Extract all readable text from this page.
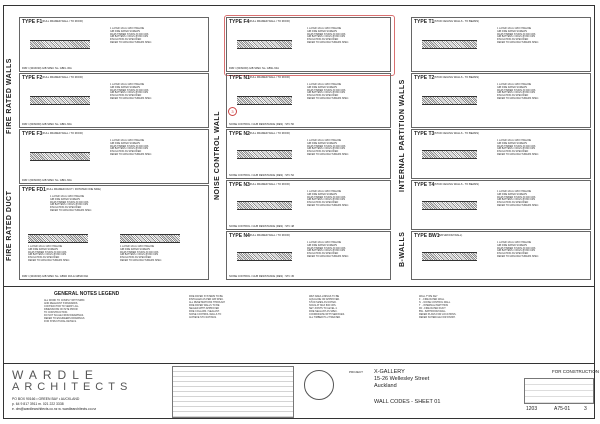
FIRE RATED WALLS
FIRE RATED DUCT
NOISE CONTROL WALL	INTERNAL PARTITION WALLS
B-WALLS
TYPE F1 (FULL FRAMED WALL / TO ROOF)
1 LAYER 13mm GIB FYRELINE
GIB FIRE RATED SCREWS
90x45 TIMBER STUDS @ 600 CRS
GIB BATTENS / NOGS @ 800 CRS
INSULATION AS SPECIFIED
REFER TO MANUFACTURERS SPEC.
FRR / (30/30/30) GIB SPEC No. GBFL 30A
TYPE F2 (FULL FRAMED WALL / TO ROOF)
1 LAYER 13mm GIB FYRELINE
GIB FIRE RATED SCREWS
90x45 TIMBER STUDS @ 600 CRS
GIB BATTENS / NOGS @ 800 CRS
INSULATION AS SPECIFIED
REFER TO MANUFACTURERS SPEC.
FRR / (60/60/60) GIB SPEC No. GBFL 60A
TYPE F3 (FULL FRAMED WALL / TO ROOF)
1 LAYER 13mm GIB FYRELINE
GIB FIRE RATED SCREWS
90x45 TIMBER STUDS @ 600 CRS
GIB BATTENS / NOGS @ 800 CRS
INSULATION AS SPECIFIED
REFER TO MANUFACTURERS SPEC.
FRR / (60/60/60) GIB SPEC No. GBFL 60A
TYPE FD1 (FULL FRAMED DUCT / ROTATED ONE SIDE)
1 LAYER 13mm GIB FYRELINE
GIB FIRE RATED SCREWS
90x45 TIMBER STUDS @ 600 CRS
GIB BATTENS / NOGS @ 800 CRS
INSULATION AS SPECIFIED
REFER TO MANUFACTURERS SPEC.
1 LAYER 13mm GIB FYRELINE
GIB FIRE RATED SCREWS
90x45 TIMBER STUDS @ 600 CRS
GIB BATTENS / NOGS @ 800 CRS
INSULATION AS SPECIFIED
REFER TO MANUFACTURERS SPEC.
1 LAYER 13mm GIB FYRELINE
GIB FIRE RATED SCREWS
90x45 TIMBER STUDS @ 600 CRS
GIB BATTENS / NOGS @ 800 CRS
INSULATION AS SPECIFIED
REFER TO MANUFACTURERS SPEC.
FRR / (30/30/30) GIB SPEC No. GBSD 30A & GBSD 60A
TYPE F4 (FULL FRAMED WALL / TO ROOF)
1 LAYER 13mm GIB FYRELINE
GIB FIRE RATED SCREWS
90x45 TIMBER STUDS @ 600 CRS
GIB BATTENS / NOGS @ 800 CRS
INSULATION AS SPECIFIED
REFER TO MANUFACTURERS SPEC.
FRR / (60/60/60) GIB SPEC No. GBSL 60A
3
TYPE N1 (FULL FRAMED WALL / TO ROOF)
1 LAYER 13mm GIB FYRELINE
GIB FIRE RATED SCREWS
90x45 TIMBER STUDS @ 600 CRS
GIB BATTENS / NOGS @ 800 CRS
INSULATION AS SPECIFIED
REFER TO MANUFACTURERS SPEC.
NOISE CONTROL / GUB RESISTANCE (RES) : STC 50
TYPE N2 (FULL FRAMED WALL / TO ROOF)
1 LAYER 13mm GIB FYRELINE
GIB FIRE RATED SCREWS
90x45 TIMBER STUDS @ 600 CRS
GIB BATTENS / NOGS @ 800 CRS
INSULATION AS SPECIFIED
REFER TO MANUFACTURERS SPEC.
NOISE CONTROL / GUB RESISTANCE (RES) : STC 52
TYPE N3 (FULL FRAMED WALL / TO ROOF)
1 LAYER 13mm GIB FYRELINE
GIB FIRE RATED SCREWS
90x45 TIMBER STUDS @ 600 CRS
GIB BATTENS / NOGS @ 800 CRS
INSULATION AS SPECIFIED
REFER TO MANUFACTURERS SPEC.
NOISE CONTROL / GUB RESISTANCE (RES) : STC 48
TYPE N4 (FULL FRAMED WALL / TO ROOF)
1 LAYER 13mm GIB FYRELINE
GIB FIRE RATED SCREWS
90x45 TIMBER STUDS @ 600 CRS
GIB BATTENS / NOGS @ 800 CRS
INSULATION AS SPECIFIED
REFER TO MANUFACTURERS SPEC.
NOISE CONTROL / GUB RESISTANCE (RES) : STC 45
TYPE T1 (STUD CEILING WALLS - TO BEAMS)
1 LAYER 13mm GIB FYRELINE
GIB FIRE RATED SCREWS
90x45 TIMBER STUDS @ 600 CRS
GIB BATTENS / NOGS @ 800 CRS
INSULATION AS SPECIFIED
REFER TO MANUFACTURERS SPEC.
TYPE T2 (STUD CEILING WALLS - TO BEAMS)
1 LAYER 13mm GIB FYRELINE
GIB FIRE RATED SCREWS
90x45 TIMBER STUDS @ 600 CRS
GIB BATTENS / NOGS @ 800 CRS
INSULATION AS SPECIFIED
REFER TO MANUFACTURERS SPEC.
TYPE T3 (STUD CEILING WALLS - TO BEAMS)
1 LAYER 13mm GIB FYRELINE
GIB FIRE RATED SCREWS
90x45 TIMBER STUDS @ 600 CRS
GIB BATTENS / NOGS @ 800 CRS
INSULATION AS SPECIFIED
REFER TO MANUFACTURERS SPEC.
TYPE T4 (STUD CEILING WALLS - TO BEAMS)
1 LAYER 13mm GIB FYRELINE
GIB FIRE RATED SCREWS
90x45 TIMBER STUDS @ 600 CRS
GIB BATTENS / NOGS @ 800 CRS
INSULATION AS SPECIFIED
REFER TO MANUFACTURERS SPEC.
TYPE BW1
(BATHROOM WALL)
1 LAYER 13mm GIB FYRELINE
GIB FIRE RATED SCREWS
90x45 TIMBER STUDS @ 600 CRS
GIB BATTENS / NOGS @ 800 CRS
INSULATION AS SPECIFIED
REFER TO MANUFACTURERS SPEC.
GENERAL NOTES LEGEND
ALL WORK TO COMPLY WITH NZBC
AND RELEVANT STANDARDS.
CONTRACTOR TO VERIFY ALL
DIMENSIONS ON SITE PRIOR
TO CONSTRUCTION.
DO NOT SCALE FROM DRAWINGS.
REFER TO ENGINEERS DRAWINGS
FOR STRUCTURAL DETAILS.
FIRE RATED SYSTEMS TO BE
INSTALLED AS PER GIB SPEC.
ALL PENETRATIONS THROUGH
FIRE RATED WALLS TO BE
SEALED WITH APPROVED
FIRE COLLARS / SEALANT.
NOISE CONTROL WALLS TO
ACHIEVE STC RATINGS.
WET AREA LININGS TO BE
AQUALINE OR APPROVED.
STUD SIZES AS NOTED.
NOGS AT MAX 800 CRS.
SET JOINTS TO LEVEL 4.
FIRE SEALANT AS SPEC.
COORDINATE WITH SERVICES.
ALL TIMBER H1.2 TREATED.
WALL TYPE KEY
F  - FIRE RATED WALL
N  - NOISE CONTROL WALL
T  - INTERNAL PARTITION
FD - FIRE RATED DUCT
BW - BATHROOM WALL
REFER PLANS FOR LOCATIONS.
REFER SCHEDULE FOR FINISH.
WARDLE
ARCHITECTS
PO BOX 90166 • GREEN BAY • AUCKLAND
p. 64 9 817 3911 m. 021 222 3338
e. dm@wardlearchitects.co.nz w. wardlearchitects.co.nz
PROJECT X-GALLERY
15-26 Wellesley Street
Auckland
WALL CODES - SHEET 01
FOR CONSTRUCTION
1203	A75-01	3
